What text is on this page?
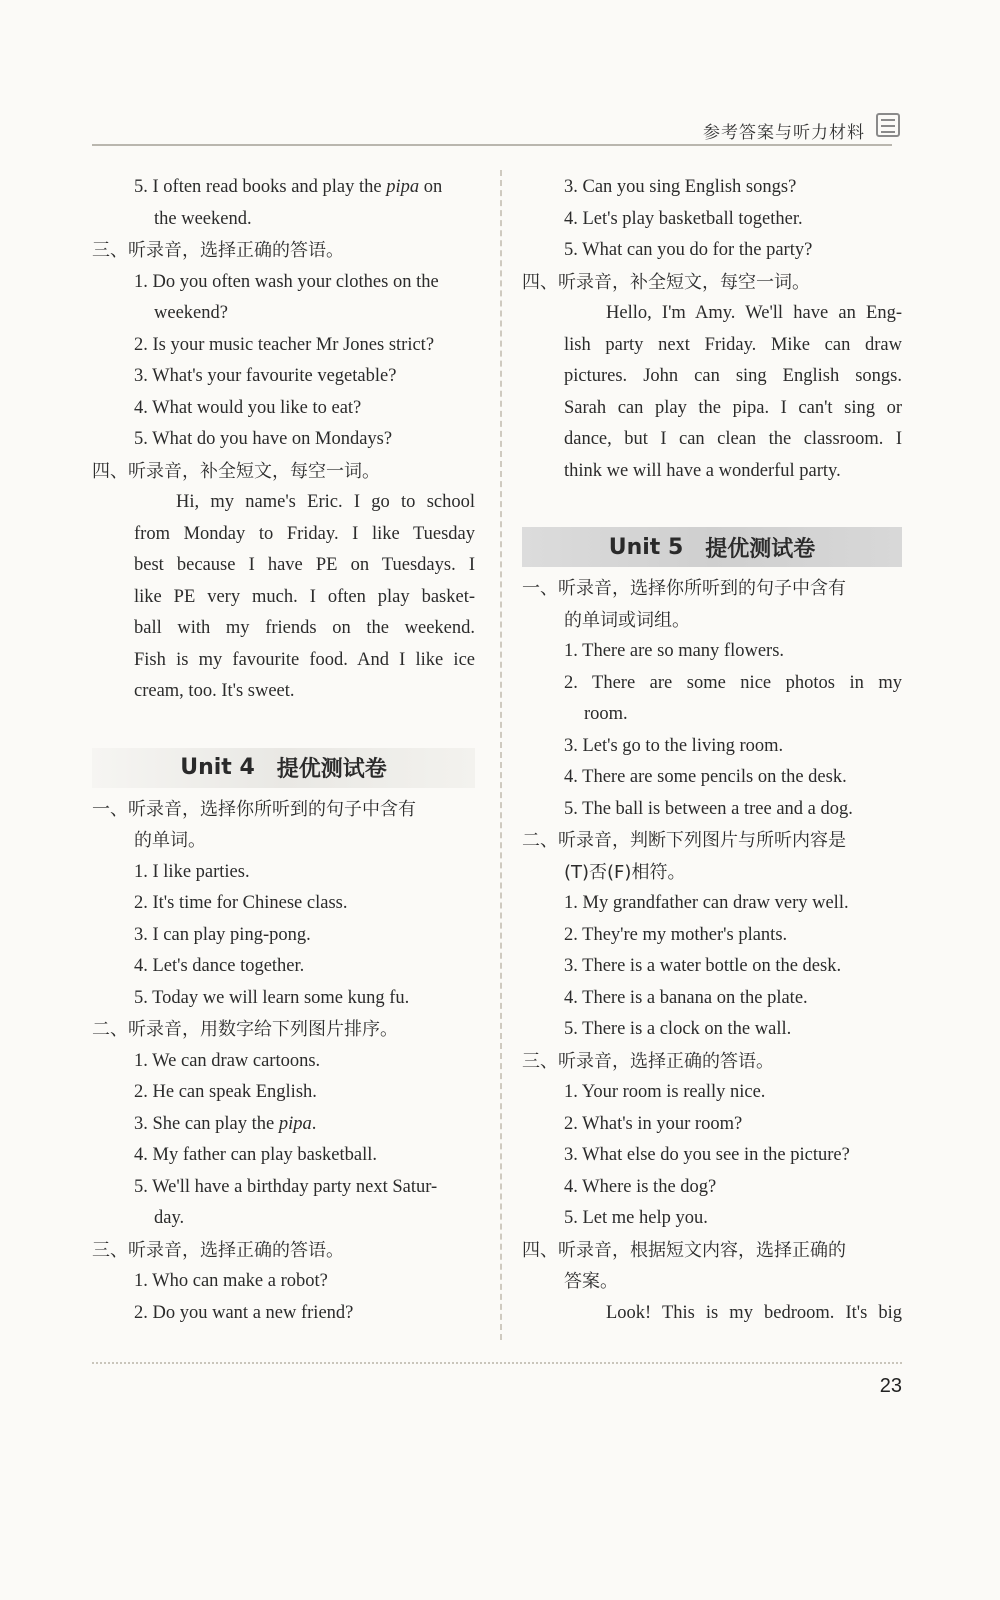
参考答案与听力材料
5. I often read books and play the pipa on
the weekend.
三、听录音，选择正确的答语。
1. Do you often wash your clothes on the
weekend?
2. Is your music teacher Mr Jones strict?
3. What's your favourite vegetable?
4. What would you like to eat?
5. What do you have on Mondays?
四、听录音，补全短文，每空一词。
Hi, my name's Eric. I go to school
from Monday to Friday. I like Tuesday
best because I have PE on Tuesdays. I
like PE very much. I often play basket-
ball with my friends on the weekend.
Fish is my favourite food. And I like ice
cream, too. It's sweet.
Unit 4 提优测试卷
一、听录音，选择你所听到的句子中含有
的单词。
1. I like parties.
2. It's time for Chinese class.
3. I can play ping-pong.
4. Let's dance together.
5. Today we will learn some kung fu.
二、听录音，用数字给下列图片排序。
1. We can draw cartoons.
2. He can speak English.
3. She can play the pipa.
4. My father can play basketball.
5. We'll have a birthday party next Satur-
day.
三、听录音，选择正确的答语。
1. Who can make a robot?
2. Do you want a new friend?
3. Can you sing English songs?
4. Let's play basketball together.
5. What can you do for the party?
四、听录音，补全短文，每空一词。
Hello, I'm Amy. We'll have an Eng-
lish party next Friday. Mike can draw
pictures. John can sing English songs.
Sarah can play the pipa. I can't sing or
dance, but I can clean the classroom. I
think we will have a wonderful party.
Unit 5 提优测试卷
一、听录音，选择你所听到的句子中含有
的单词或词组。
1. There are so many flowers.
2. There are some nice photos in my
room.
3. Let's go to the living room.
4. There are some pencils on the desk.
5. The ball is between a tree and a dog.
二、听录音，判断下列图片与所听内容是
(T)否(F)相符。
1. My grandfather can draw very well.
2. They're my mother's plants.
3. There is a water bottle on the desk.
4. There is a banana on the plate.
5. There is a clock on the wall.
三、听录音，选择正确的答语。
1. Your room is really nice.
2. What's in your room?
3. What else do you see in the picture?
4. Where is the dog?
5. Let me help you.
四、听录音，根据短文内容，选择正确的
答案。
Look! This is my bedroom. It's big
23
